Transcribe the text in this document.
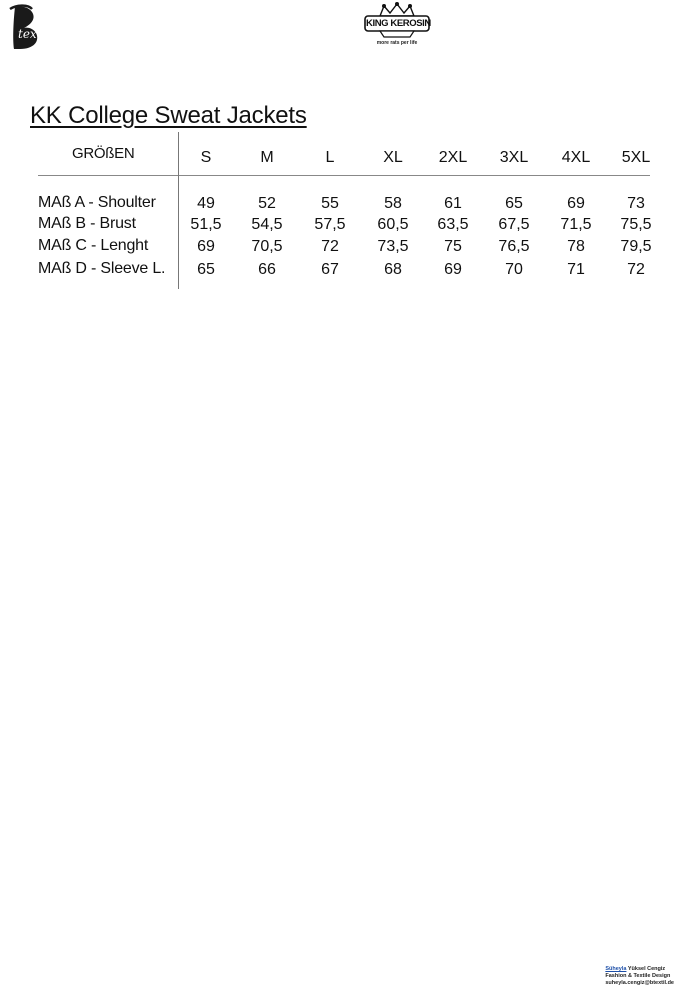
tex
KING KEROSIN
more rats per life
KK College Sweat Jackets
GRÖßEN	S	M	L	XL	2XL	3XL	4XL	5XL
MAß A - Shoulter	49	52	55	58	61	65	69	73
MAß B - Brust	51,5	54,5	57,5	60,5	63,5	67,5	71,5	75,5
MAß C - Lenght	69	70,5	72	73,5	75	76,5	78	79,5
MAß D - Sleeve L.	65	66	67	68	69	70	71	72
Süheyla Yüksel Cengiz
Fashion & Textile Design
suheyla.cengiz@btextil.de
